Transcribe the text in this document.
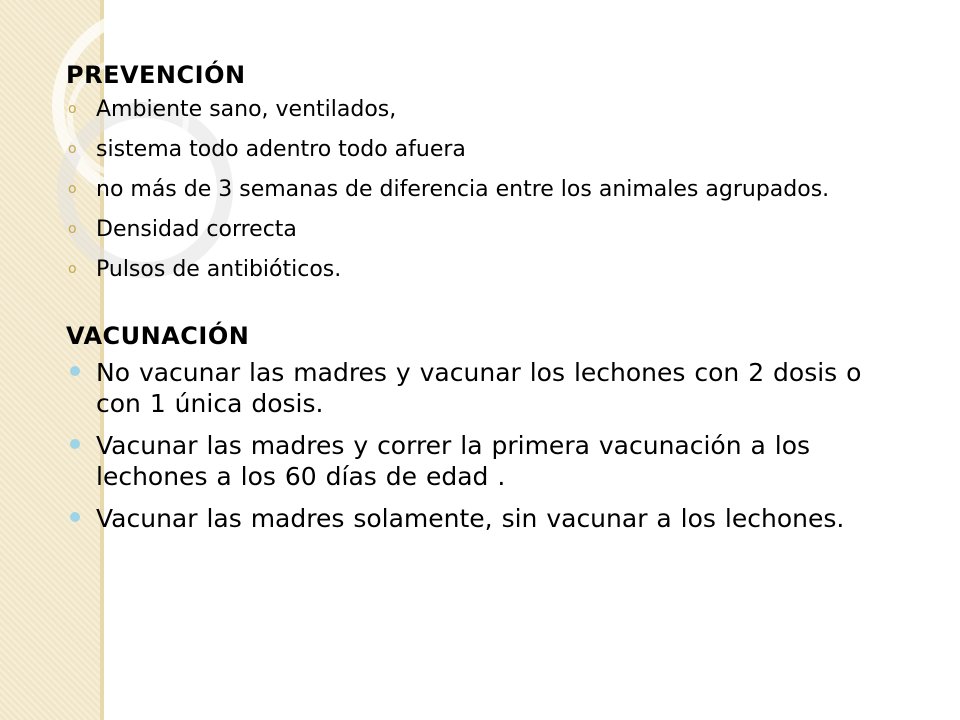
PREVENCIÓN
o Ambiente sano, ventilados,
o sistema todo adentro todo afuera
o no más de 3 semanas de diferencia entre los animales agrupados.
o Densidad correcta
o Pulsos de antibióticos.
VACUNACIÓN
No vacunar las madres y vacunar los lechones con 2 dosis o con 1 única dosis.
Vacunar las madres y correr la primera vacunación a los lechones a los 60 días de edad .
Vacunar las madres solamente, sin vacunar a los lechones.
